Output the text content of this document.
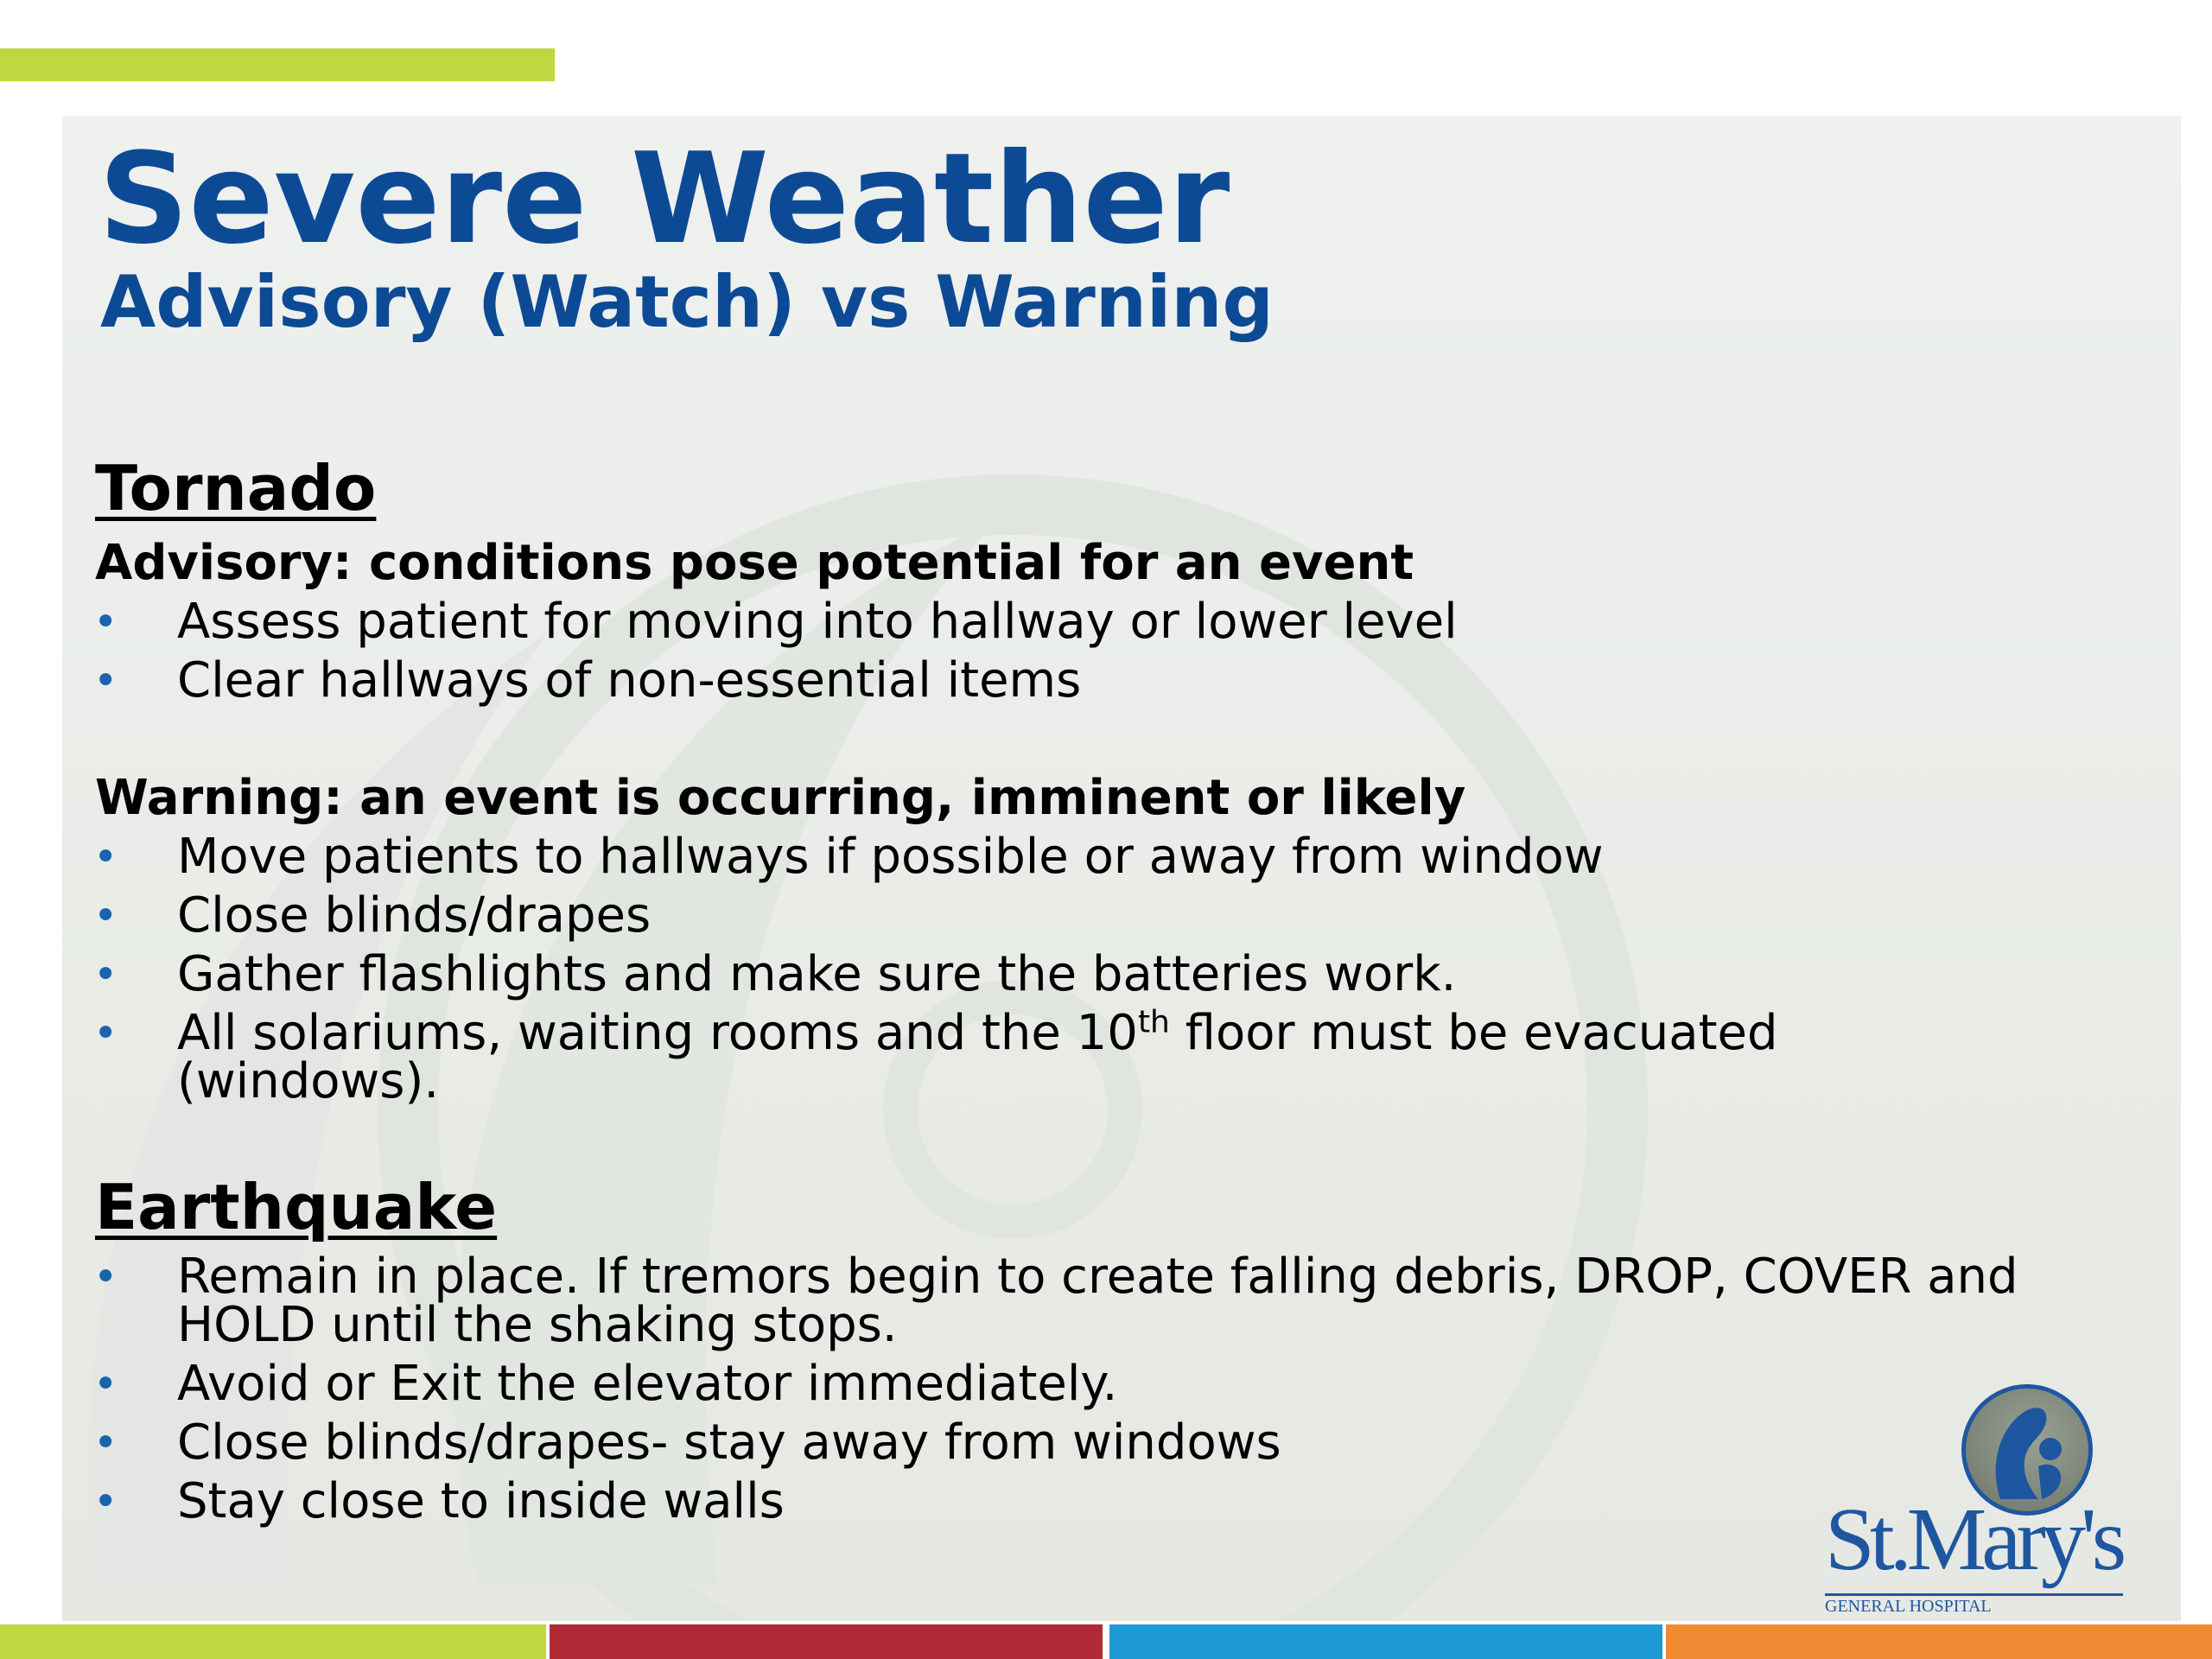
Severe Weather
Advisory (Watch) vs Warning
Tornado

Advisory: conditions pose potential for an event

• Assess patient for moving into hallway or lower level
• Clear hallways of non-essential items

Warning: an event is occurring, imminent or likely

• Move patients to hallways if possible or away from window
• Close blinds/drapes
• Gather flashlights and make sure the batteries work.
• All solariums, waiting rooms and the 10th floor must be evacuated (windows).
Earthquake
• Remain in place. If tremors begin to create falling debris, DROP, COVER and HOLD until the shaking stops.
• Avoid or Exit the elevator immediately.
• Close blinds/drapes- stay away from windows
• Stay close to inside walls	St.Mary's

GENERAL HOSPITAL
